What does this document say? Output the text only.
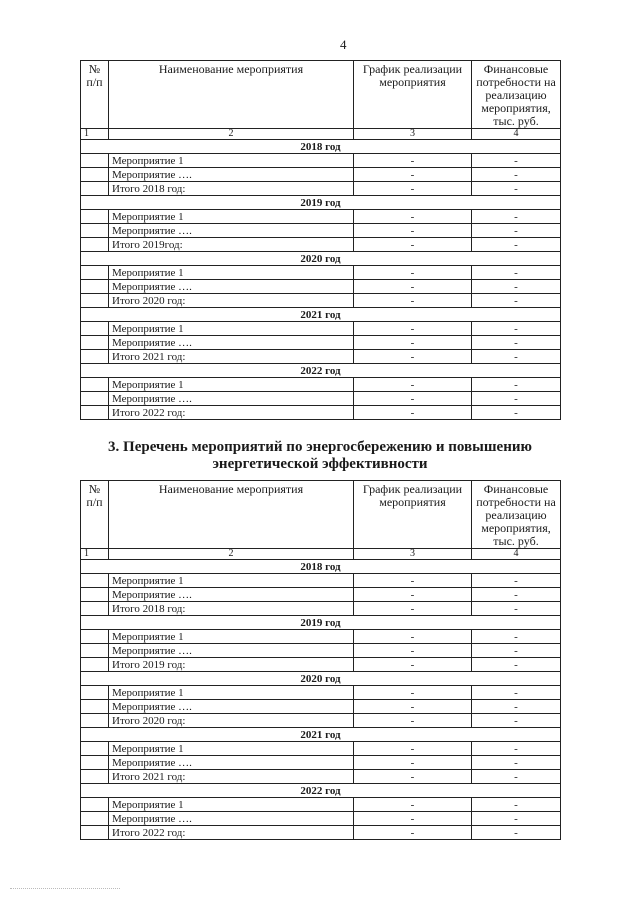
4
№ п/п	Наименование мероприятия	График реализации мероприятия	Финансовые потребности на реализацию мероприятия, тыс. руб.
1	2	3	4
2018 год			
	Мероприятие 1	-	-
	Мероприятие ….	-	-
	Итого 2018 год:	-	-
2019 год			
	Мероприятие 1	-	-
	Мероприятие ….	-	-
	Итого 2019год:	-	-
2020 год			
	Мероприятие 1	-	-
	Мероприятие ….	-	-
	Итого 2020 год:	-	-
2021 год			
	Мероприятие 1	-	-
	Мероприятие ….	-	-
	Итого 2021 год:	-	-
2022 год			
	Мероприятие 1	-	-
	Мероприятие ….	-	-
	Итого 2022 год:	-	-
3. Перечень мероприятий по энергосбережению и повышению
энергетической эффективности
№ п/п	Наименование мероприятия	График реализации мероприятия	Финансовые потребности на реализацию мероприятия, тыс. руб.
1	2	3	4
2018 год			
	Мероприятие 1	-	-
	Мероприятие ….	-	-
	Итого 2018 год:	-	-
2019 год			
	Мероприятие 1	-	-
	Мероприятие ….	-	-
	Итого 2019 год:	-	-
2020 год			
	Мероприятие 1	-	-
	Мероприятие ….	-	-
	Итого 2020 год:	-	-
2021 год			
	Мероприятие 1	-	-
	Мероприятие ….	-	-
	Итого 2021 год:	-	-
2022 год			
	Мероприятие 1	-	-
	Мероприятие ….	-	-
	Итого 2022 год:	-	-
